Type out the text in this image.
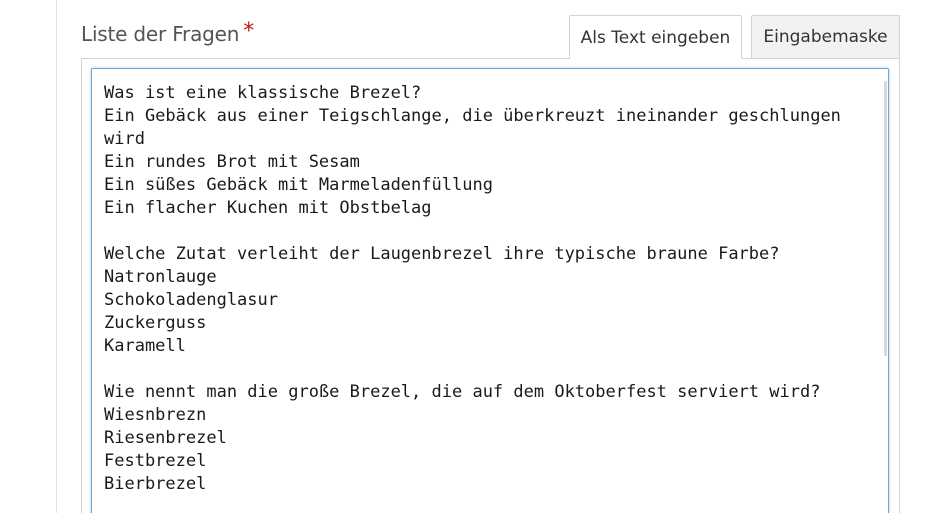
Liste der Fragen *	Als Text eingeben Eingabemaske
Was ist eine klassische Brezel?
Ein Gebäck aus einer Teigschlange, die überkreuzt ineinander geschlungen
wird
Ein rundes Brot mit Sesam
Ein süßes Gebäck mit Marmeladenfüllung
Ein flacher Kuchen mit Obstbelag

Welche Zutat verleiht der Laugenbrezel ihre typische braune Farbe?
Natronlauge
Schokoladenglasur
Zuckerguss
Karamell

Wie nennt man die große Brezel, die auf dem Oktoberfest serviert wird?
Wiesnbrezn
Riesenbrezel
Festbrezel
Bierbrezel
